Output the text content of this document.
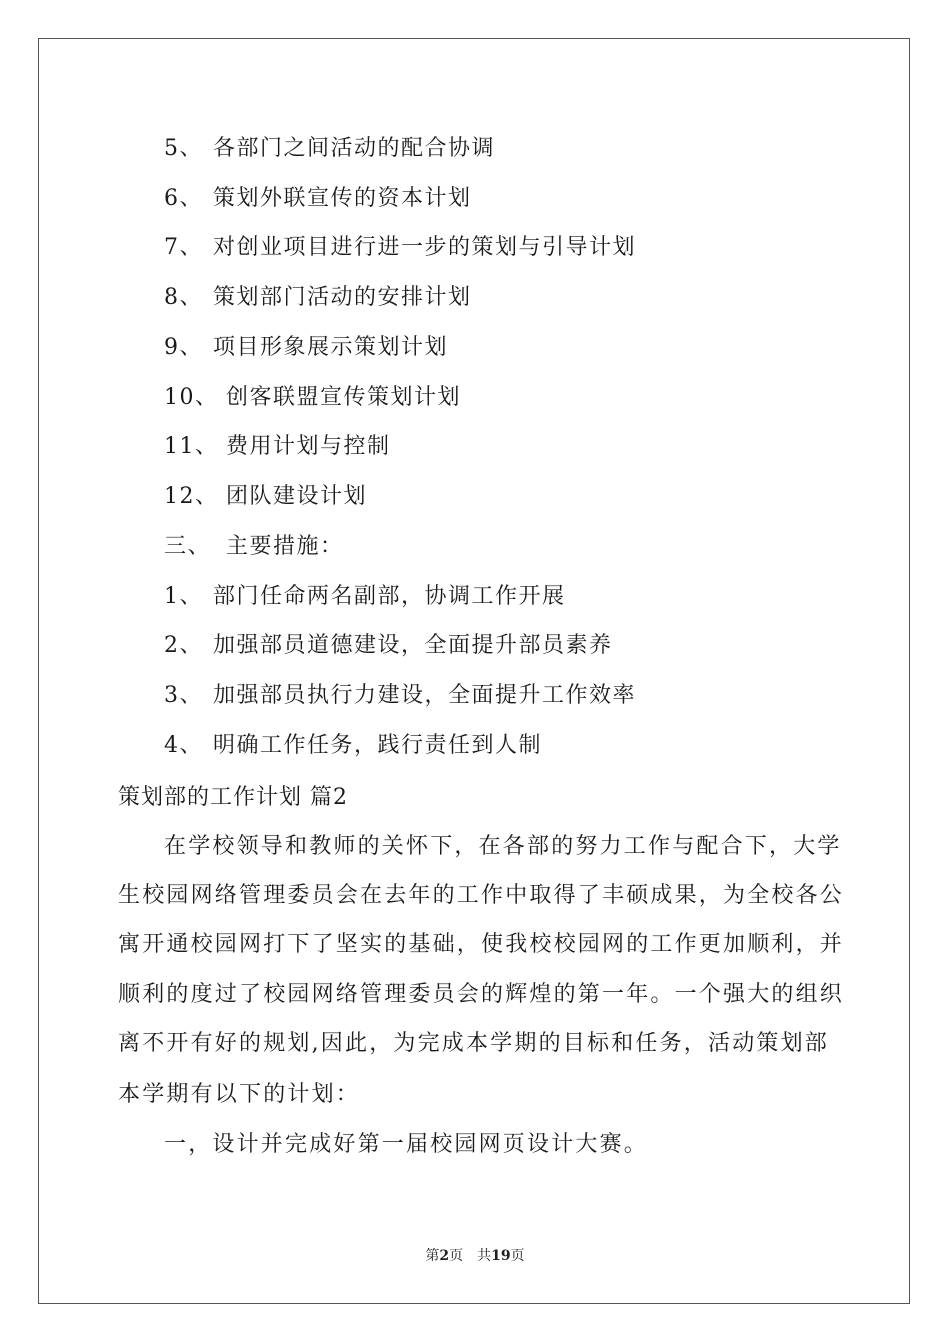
5、 各部门之间活动的配合协调
6、 策划外联宣传的资本计划
7、 对创业项目进行进一步的策划与引导计划
8、 策划部门活动的安排计划
9、 项目形象展示策划计划
10、 创客联盟宣传策划计划
11、 费用计划与控制
12、 团队建设计划
三、 主要措施：
1、 部门任命两名副部，协调工作开展
2、 加强部员道德建设，全面提升部员素养
3、 加强部员执行力建设，全面提升工作效率
4、 明确工作任务，践行责任到人制
策划部的工作计划 篇2
在学校领导和教师的关怀下，在各部的努力工作与配合下，大学
生校园网络管理委员会在去年的工作中取得了丰硕成果，为全校各公
寓开通校园网打下了坚实的基础，使我校校园网的工作更加顺利，并
顺利的度过了校园网络管理委员会的辉煌的第一年。一个强大的组织
离不开有好的规划,因此，为完成本学期的目标和任务，活动策划部
本学期有以下的计划：
一，设计并完成好第一届校园网页设计大赛。
第2页　共19页
